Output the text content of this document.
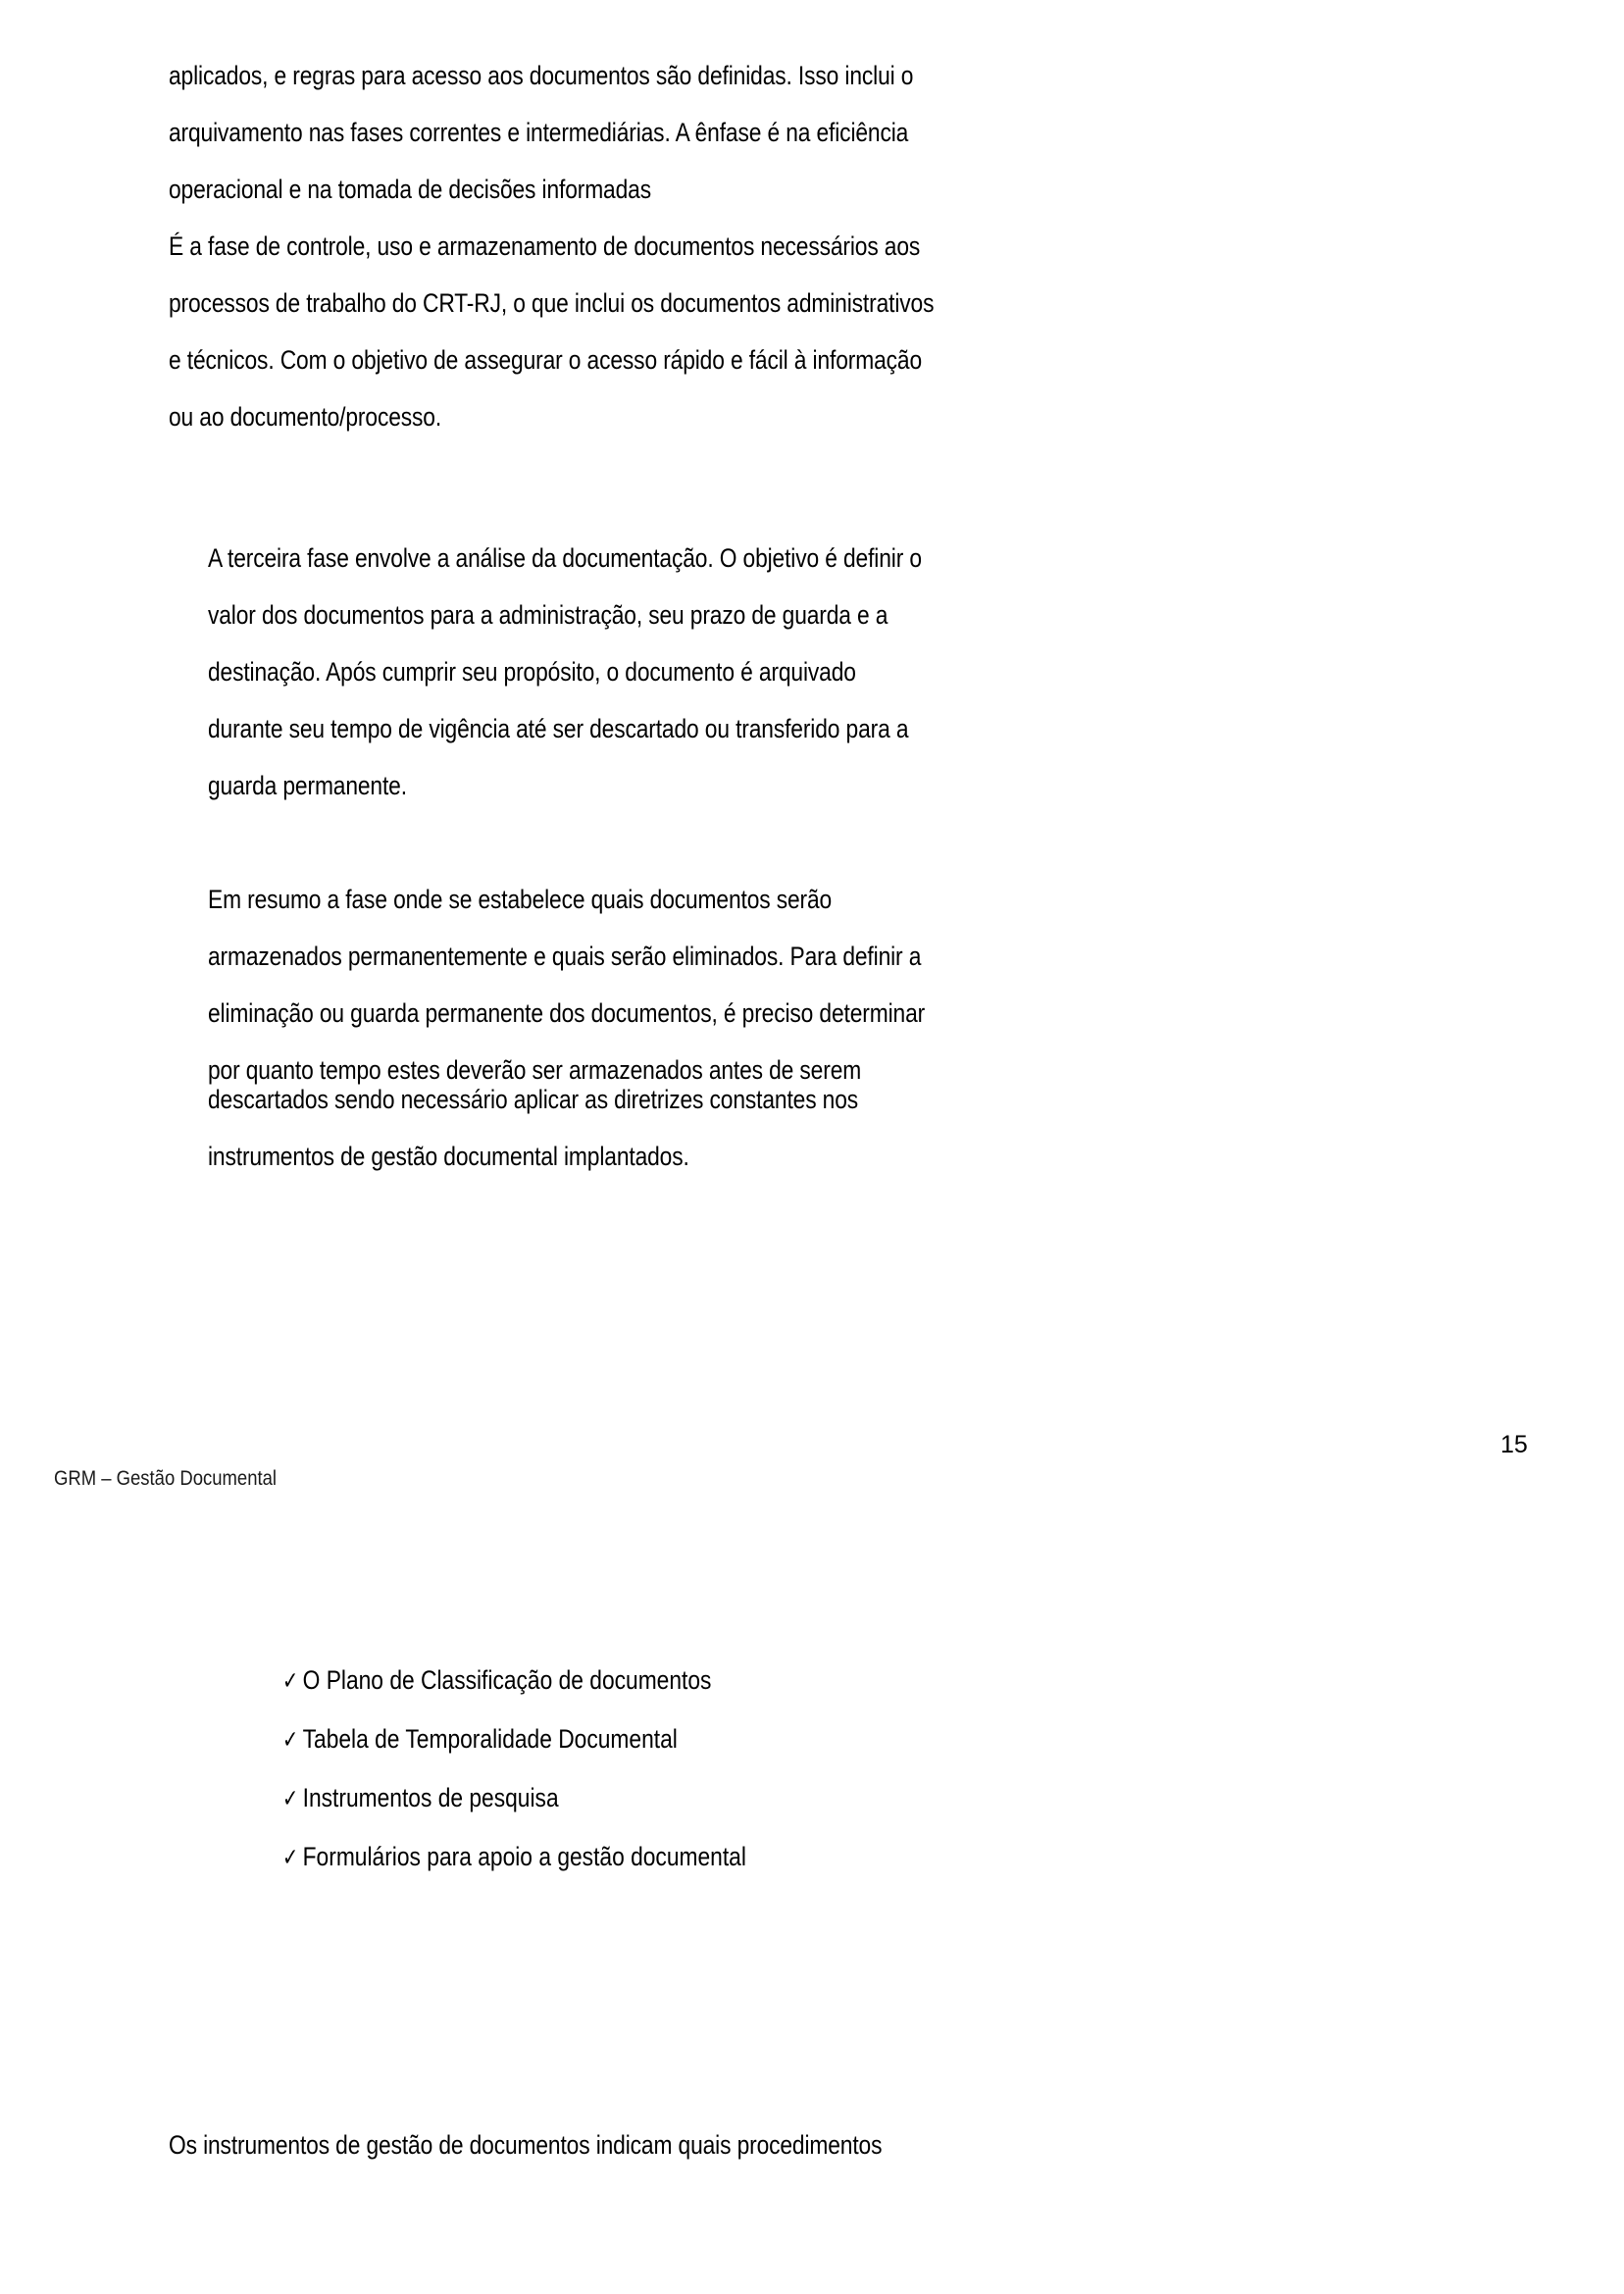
aplicados, e regras para acesso aos documentos são definidas. Isso inclui o

arquivamento nas fases correntes e intermediárias. A ênfase é na eficiência

operacional e na tomada de decisões informadas

É a fase de controle, uso e armazenamento de documentos necessários aos

processos de trabalho do CRT-RJ, o que inclui os documentos administrativos

e técnicos. Com o objetivo de assegurar o acesso rápido e fácil à informação

ou ao documento/processo.

A terceira fase envolve a análise da documentação. O objetivo é definir o

valor dos documentos para a administração, seu prazo de guarda e a

destinação. Após cumprir seu propósito, o documento é arquivado

durante seu tempo de vigência até ser descartado ou transferido para a

guarda permanente.

Em resumo a fase onde se estabelece quais documentos serão

armazenados permanentemente e quais serão eliminados. Para definir a

eliminação ou guarda permanente dos documentos, é preciso determinar

por quanto tempo estes deverão ser armazenados antes de serem

GRM – Gestão Documental
15

descartados sendo necessário aplicar as diretrizes constantes nos

instrumentos de gestão documental implantados.

✓ O Plano de Classificação de documentos
✓ Tabela de Temporalidade Documental
✓ Instrumentos de pesquisa
✓ Formulários para apoio a gestão documental

Os instrumentos de gestão de documentos indicam quais procedimentos
